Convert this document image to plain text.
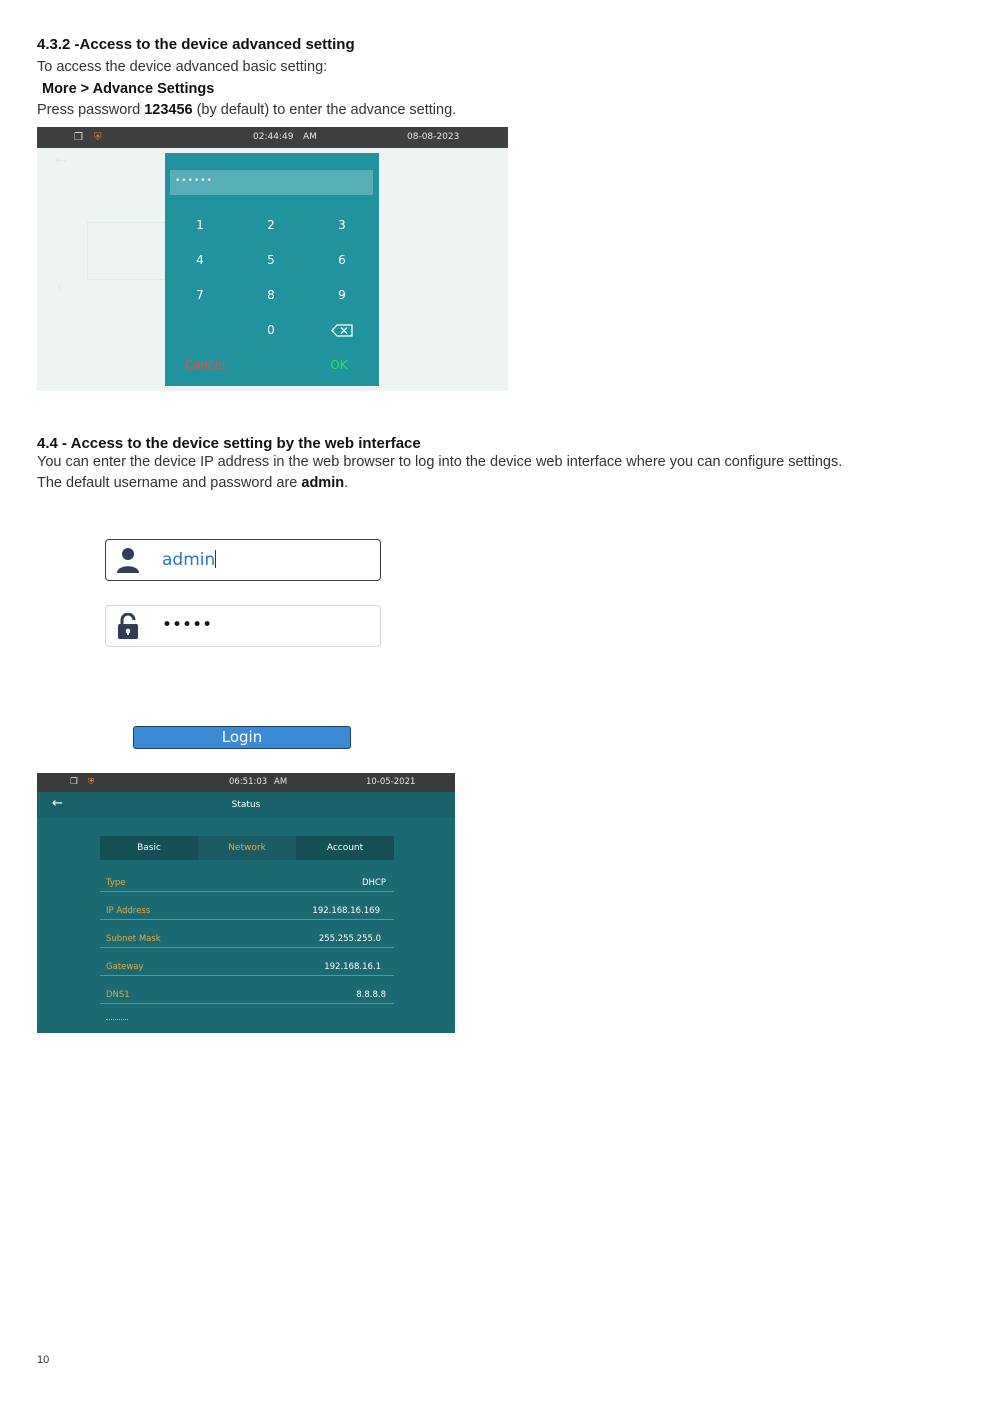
4.3.2 -Access to the device advanced setting
To access the device advanced basic setting:
More > Advance Settings
Press password 123456 (by default) to enter the advance setting.
❐ ⛨	02:44:49 AM	08-08-2023
←
‹
••••••
1	2	3
4	5	6
7	8	9
0
Cancel	OK
4.4 - Access to the device setting by the web interface
You can enter the device IP address in the web browser to log into the device web interface where you can configure settings.
The default username and password are admin.
admin
•••••
Login
❐ ⛨	06:51:03 AM	10-05-2021
←	Status
Basic	Network	Account
Type	DHCP
IP Address	192.168.16.169
Subnet Mask	255.255.255.0
Gateway	192.168.16.1
DNS1	8.8.8.8
10
